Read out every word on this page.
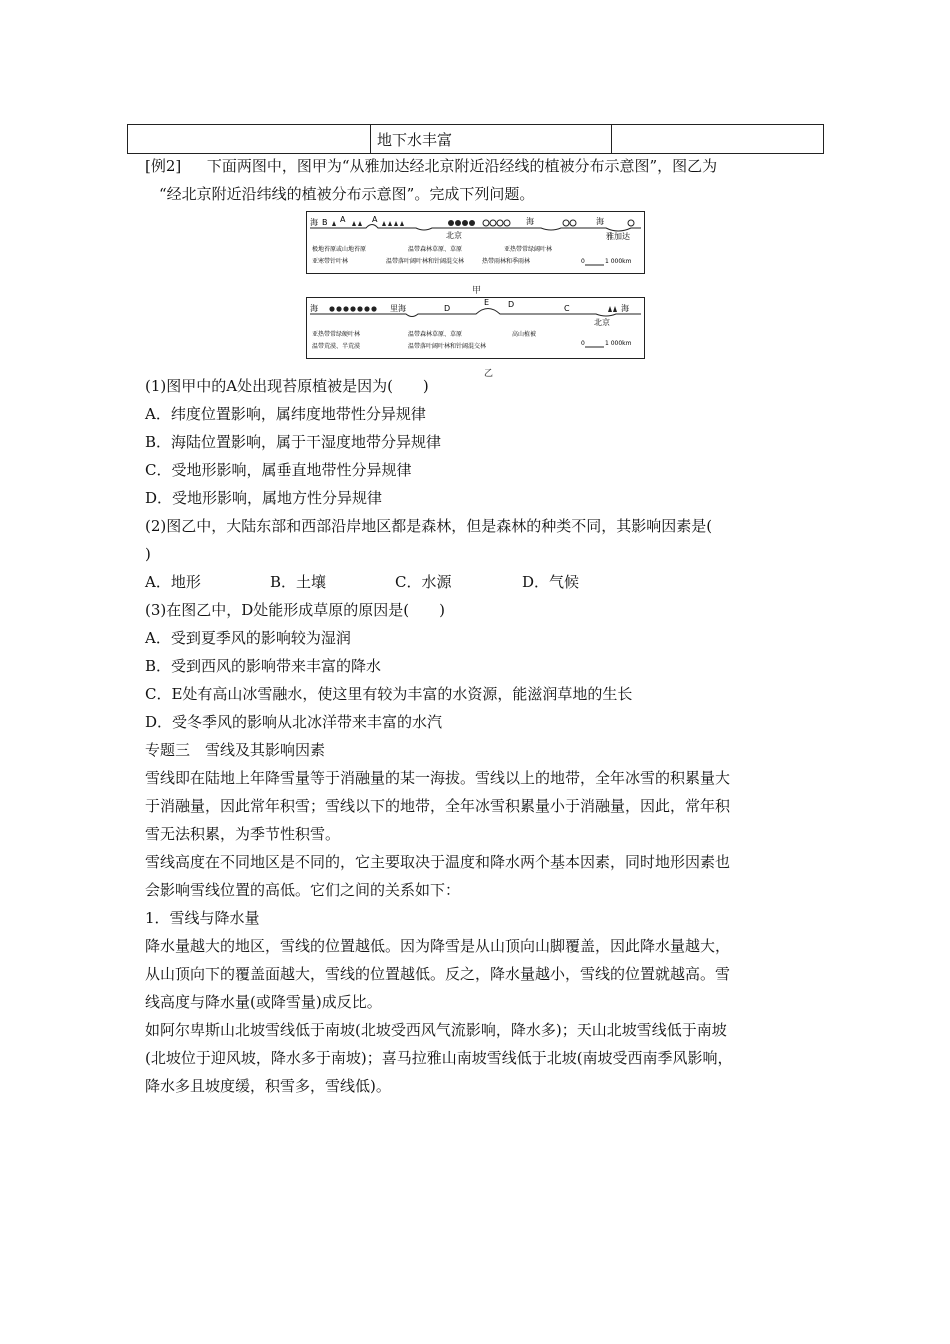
	地下水丰富	
[例2] 下面两图中，图甲为“从雅加达经北京附近沿经线的植被分布示意图”，图乙为
“经北京附近沿纬线的植被分布示意图”。完成下列问题。
海 B A	A
北京
海	海
雅加达
极地苔原或山地苔原	温带森林草原、草原	亚热带常绿阔叶林
亚寒带针叶林	温带落叶阔叶林和针阔混交林	热带雨林和季雨林	0	1 000km
甲
海	里海	D
E D	C	海
北京
亚热带常绿硬叶林	温带森林草原、草原	高山植被
温带荒漠、半荒漠	温带落叶阔叶林和针阔混交林	0	1 000km
乙
(1)图甲中的A处出现苔原植被是因为(　　)
A．纬度位置影响，属纬度地带性分异规律
B．海陆位置影响，属于干湿度地带分异规律
C．受地形影响，属垂直地带性分异规律
D．受地形影响，属地方性分异规律
(2)图乙中，大陆东部和西部沿岸地区都是森林，但是森林的种类不同，其影响因素是(
)
A．地形	B．土壤	C．水源	D．气候
(3)在图乙中，D处能形成草原的原因是(　　)
A．受到夏季风的影响较为湿润
B．受到西风的影响带来丰富的降水
C．E处有高山冰雪融水，使这里有较为丰富的水资源，能滋润草地的生长
D．受冬季风的影响从北冰洋带来丰富的水汽
专题三　雪线及其影响因素
雪线即在陆地上年降雪量等于消融量的某一海拔。雪线以上的地带，全年冰雪的积累量大
于消融量，因此常年积雪；雪线以下的地带，全年冰雪积累量小于消融量，因此，常年积
雪无法积累，为季节性积雪。
雪线高度在不同地区是不同的，它主要取决于温度和降水两个基本因素，同时地形因素也
会影响雪线位置的高低。它们之间的关系如下：
1．雪线与降水量
降水量越大的地区，雪线的位置越低。因为降雪是从山顶向山脚覆盖，因此降水量越大，
从山顶向下的覆盖面越大，雪线的位置越低。反之，降水量越小，雪线的位置就越高。雪
线高度与降水量(或降雪量)成反比。
如阿尔卑斯山北坡雪线低于南坡(北坡受西风气流影响，降水多)；天山北坡雪线低于南坡
(北坡位于迎风坡，降水多于南坡)；喜马拉雅山南坡雪线低于北坡(南坡受西南季风影响，
降水多且坡度缓，积雪多，雪线低)。
